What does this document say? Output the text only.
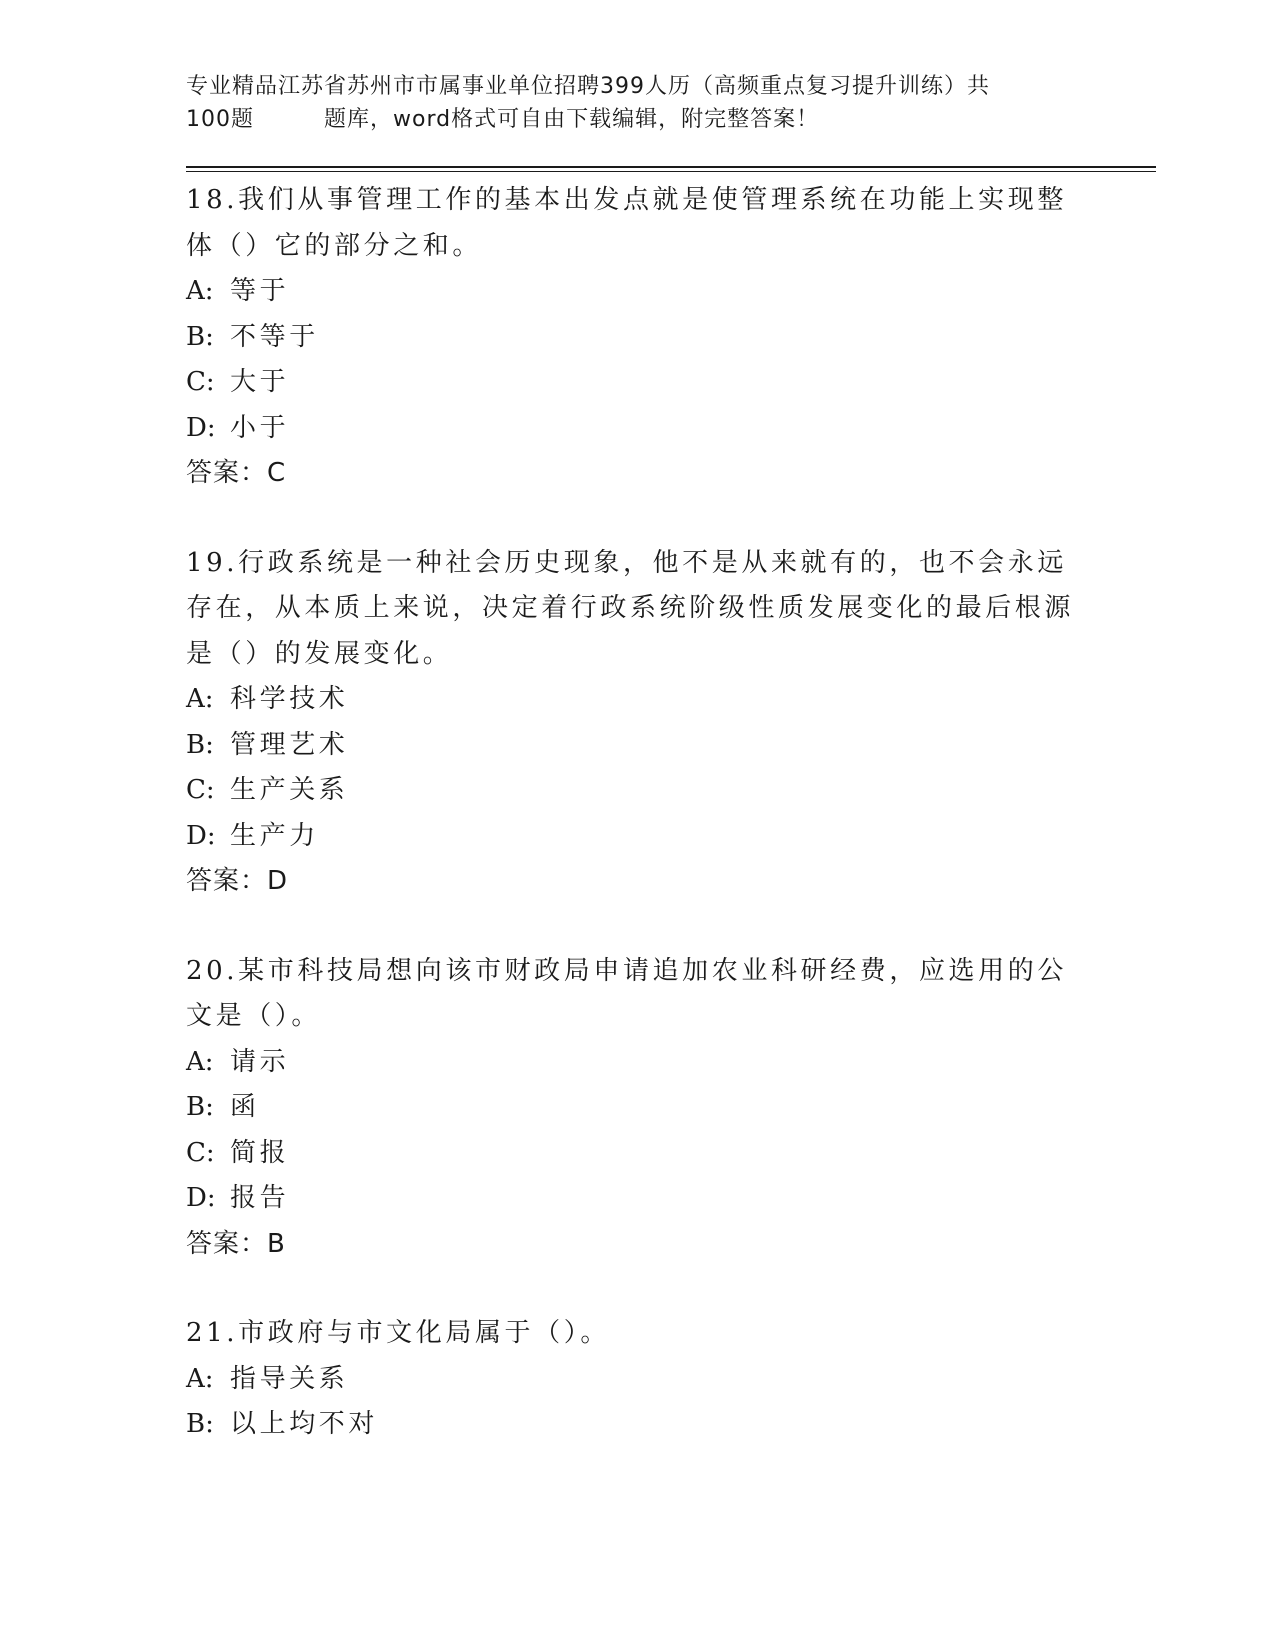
专业精品江苏省苏州市市属事业单位招聘399人历（高频重点复习提升训练）共
100题	题库，word格式可自由下载编辑，附完整答案！
18.我们从事管理工作的基本出发点就是使管理系统在功能上实现整体（）它的部分之和。
A: 等于
B: 不等于
C: 大于
D: 小于
答案：C
19.行政系统是一种社会历史现象，他不是从来就有的，也不会永远存在，从本质上来说，决定着行政系统阶级性质发展变化的最后根源是（）的发展变化。
A: 科学技术
B: 管理艺术
C: 生产关系
D: 生产力
答案：D
20.某市科技局想向该市财政局申请追加农业科研经费，应选用的公文是（）。
A: 请示
B: 函
C: 简报
D: 报告
答案：B
21.市政府与市文化局属于（）。
A: 指导关系
B: 以上均不对
